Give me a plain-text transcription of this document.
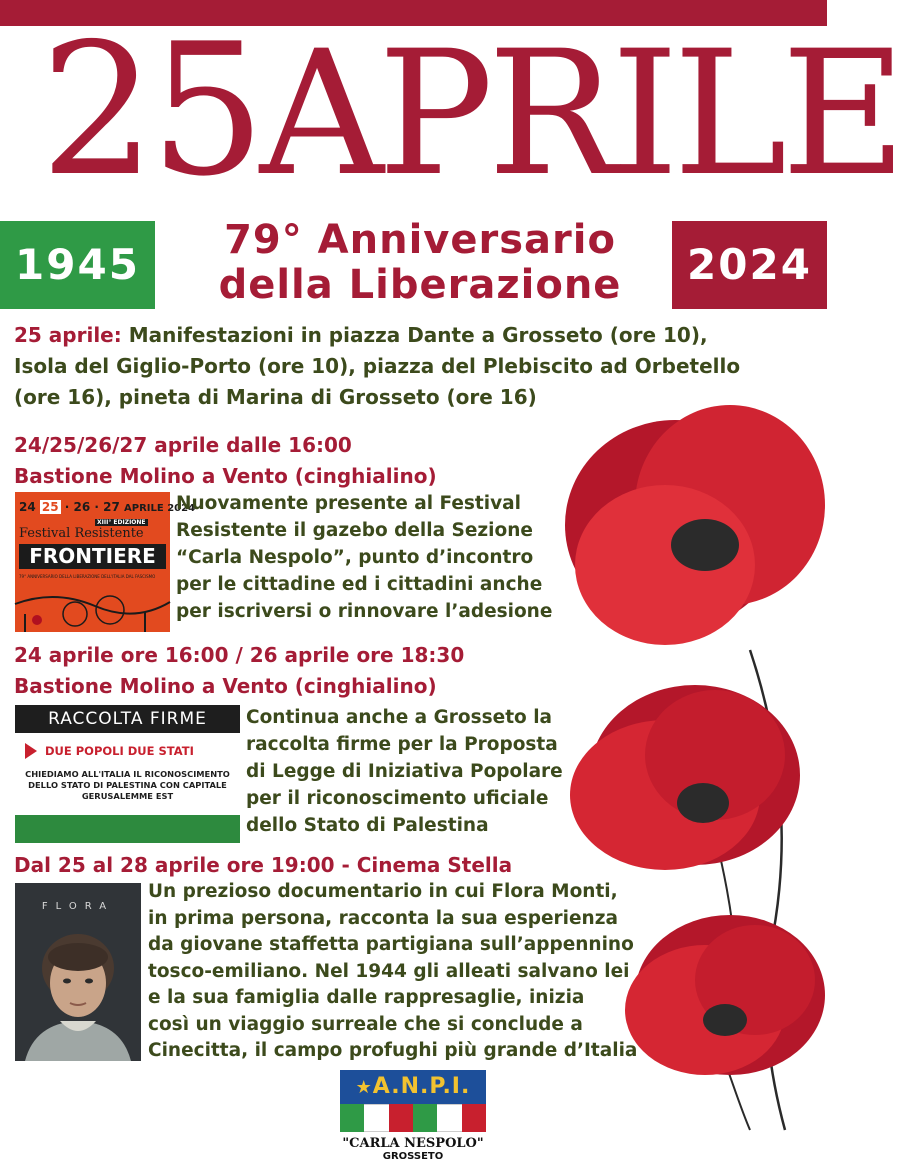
25APRILE
1945	2024
79° Anniversario
della Liberazione
25 aprile: Manifestazioni in piazza Dante a Grosseto (ore 10),
Isola del Giglio-Porto (ore 10), piazza del Plebiscito ad Orbetello
(ore 16), pineta di Marina di Grosseto (ore 16)
24/25/26/27 aprile dalle 16:00
Bastione Molino a Vento (cinghialino)
24 25 · 26 · 27 APRILE 2024
XIII° EDIZIONE
Festival Resistente
FRONTIERE
79° ANNIVERSARIO DELLA LIBERAZIONE DELL'ITALIA DAL FASCISMO
Nuovamente presente al Festival
Resistente il gazebo della Sezione
“Carla Nespolo”, punto d’incontro
per le cittadine ed i cittadini anche
per iscriversi o rinnovare l’adesione
24 aprile ore 16:00 / 26 aprile ore 18:30
Bastione Molino a Vento (cinghialino)
RACCOLTA FIRME
DUE POPOLI DUE STATI
CHIEDIAMO ALL'ITALIA IL RICONOSCIMENTO
DELLO STATO DI PALESTINA CON CAPITALE
GERUSALEMME EST
Continua anche a Grosseto la
raccolta firme per la Proposta
di Legge di Iniziativa Popolare
per il riconoscimento uficiale
dello Stato di Palestina
Dal 25 al 28 aprile ore 19:00 - Cinema Stella
FLORA
Un prezioso documentario in cui Flora Monti,
in prima persona, racconta la sua esperienza
da giovane staffetta partigiana sull’appennino
tosco-emiliano. Nel 1944 gli alleati salvano lei
e la sua famiglia dalle rappresaglie, inizia
così un viaggio surreale che si conclude a
Cinecitta, il campo profughi più grande d’Italia
★A.N.P.I.
"CARLA NESPOLO"
GROSSETO
